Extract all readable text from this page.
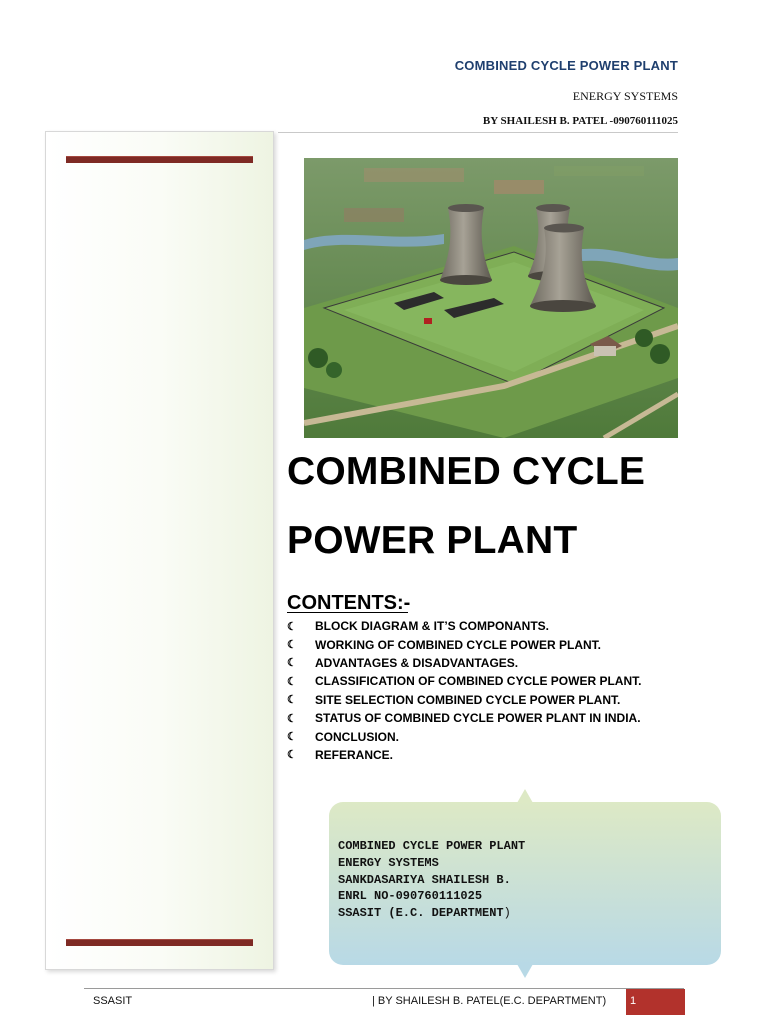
COMBINED CYCLE POWER PLANT
ENERGY SYSTEMS
BY SHAILESH B. PATEL -090760111025
COMBINED CYCLE
POWER PLANT
CONTENTS:-
☾	BLOCK DIAGRAM & IT’S COMPONANTS.
☾	WORKING OF COMBINED CYCLE POWER PLANT.
☾	ADVANTAGES & DISADVANTAGES.
☾	CLASSIFICATION OF COMBINED CYCLE POWER PLANT.
☾	SITE SELECTION COMBINED CYCLE POWER PLANT.
☾	STATUS OF COMBINED CYCLE POWER PLANT IN INDIA.
☾	CONCLUSION.
☾	REFERANCE.
COMBINED CYCLE POWER PLANT
ENERGY SYSTEMS
SANKDASARIYA SHAILESH B.
ENRL NO-090760111025
SSASIT (E.C. DEPARTMENT)
SSASIT	| BY SHAILESH B. PATEL(E.C. DEPARTMENT) 1
